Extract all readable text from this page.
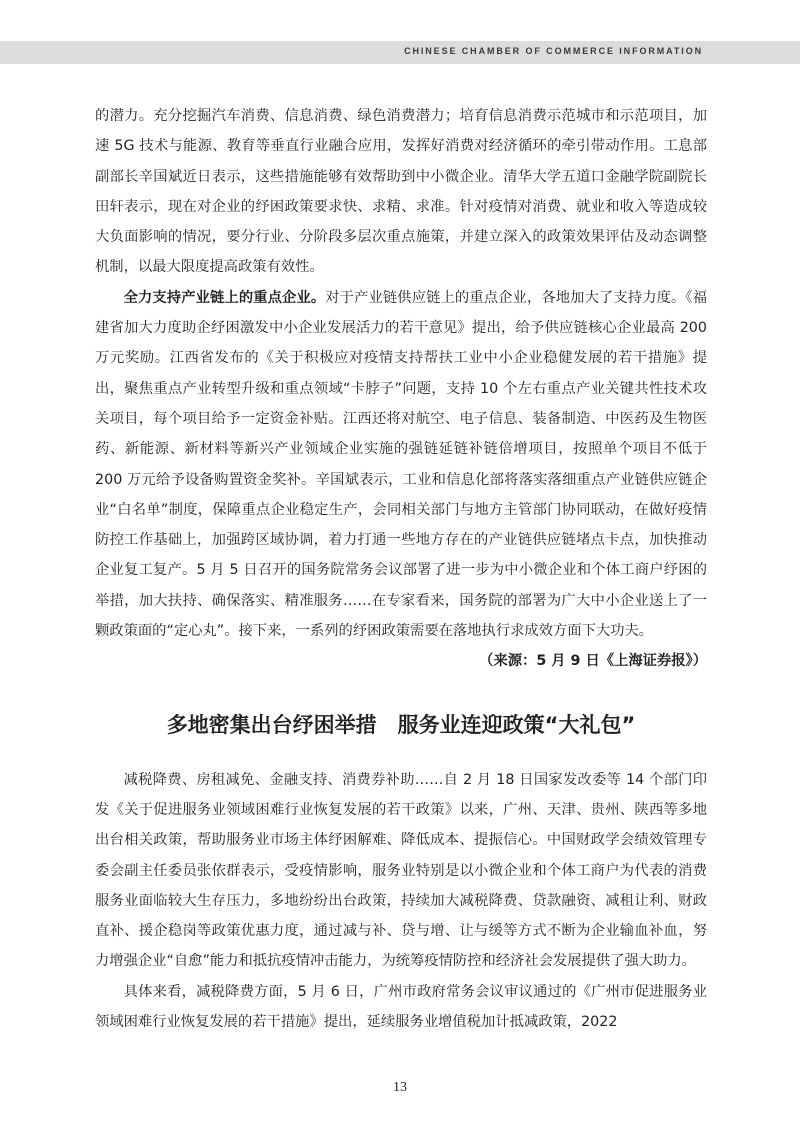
CHINESE CHAMBER OF COMMERCE INFORMATION

的潜力。充分挖掘汽车消费、信息消费、绿色消费潜力；培育信息消费示范城市和示范项目，加速 5G 技术与能源、教育等垂直行业融合应用，发挥好消费对经济循环的牵引带动作用。工息部副部长辛国斌近日表示，这些措施能够有效帮助到中小微企业。清华大学五道口金融学院副院长田轩表示，现在对企业的纾困政策要求快、求精、求准。针对疫情对消费、就业和收入等造成较大负面影响的情况，要分行业、分阶段多层次重点施策，并建立深入的政策效果评估及动态调整机制，以最大限度提高政策有效性。

全力支持产业链上的重点企业。对于产业链供应链上的重点企业，各地加大了支持力度。《福建省加大力度助企纾困激发中小企业发展活力的若干意见》提出，给予供应链核心企业最高 200 万元奖励。江西省发布的《关于积极应对疫情支持帮扶工业中小企业稳健发展的若干措施》提出，聚焦重点产业转型升级和重点领域“卡脖子”问题，支持 10 个左右重点产业关键共性技术攻关项目，每个项目给予一定资金补贴。江西还将对航空、电子信息、装备制造、中医药及生物医药、新能源、新材料等新兴产业领域企业实施的强链延链补链倍增项目，按照单个项目不低于 200 万元给予设备购置资金奖补。辛国斌表示，工业和信息化部将落实落细重点产业链供应链企业“白名单”制度，保障重点企业稳定生产，会同相关部门与地方主管部门协同联动，在做好疫情防控工作基础上，加强跨区域协调，着力打通一些地方存在的产业链供应链堵点卡点，加快推动企业复工复产。5 月 5 日召开的国务院常务会议部署了进一步为中小微企业和个体工商户纾困的举措，加大扶持、确保落实、精准服务……在专家看来，国务院的部署为广大中小企业送上了一颗政策面的“定心丸”。接下来，一系列的纾困政策需要在落地执行求成效方面下大功夫。

（来源：5 月 9 日《上海证券报》）

多地密集出台纾困举措　服务业连迎政策“大礼包”

减税降费、房租减免、金融支持、消费券补助……自 2 月 18 日国家发改委等 14 个部门印发《关于促进服务业领域困难行业恢复发展的若干政策》以来，广州、天津、贵州、陕西等多地出台相关政策，帮助服务业市场主体纾困解难、降低成本、提振信心。中国财政学会绩效管理专委会副主任委员张依群表示，受疫情影响，服务业特别是以小微企业和个体工商户为代表的消费服务业面临较大生存压力，多地纷纷出台政策，持续加大减税降费、贷款融资、减租让利、财政直补、援企稳岗等政策优惠力度，通过减与补、贷与增、让与缓等方式不断为企业输血补血，努力增强企业“自愈”能力和抵抗疫情冲击能力，为统筹疫情防控和经济社会发展提供了强大助力。

具体来看，减税降费方面，5 月 6 日，广州市政府常务会议审议通过的《广州市促进服务业领域困难行业恢复发展的若干措施》提出，延续服务业增值税加计抵减政策，2022

13
